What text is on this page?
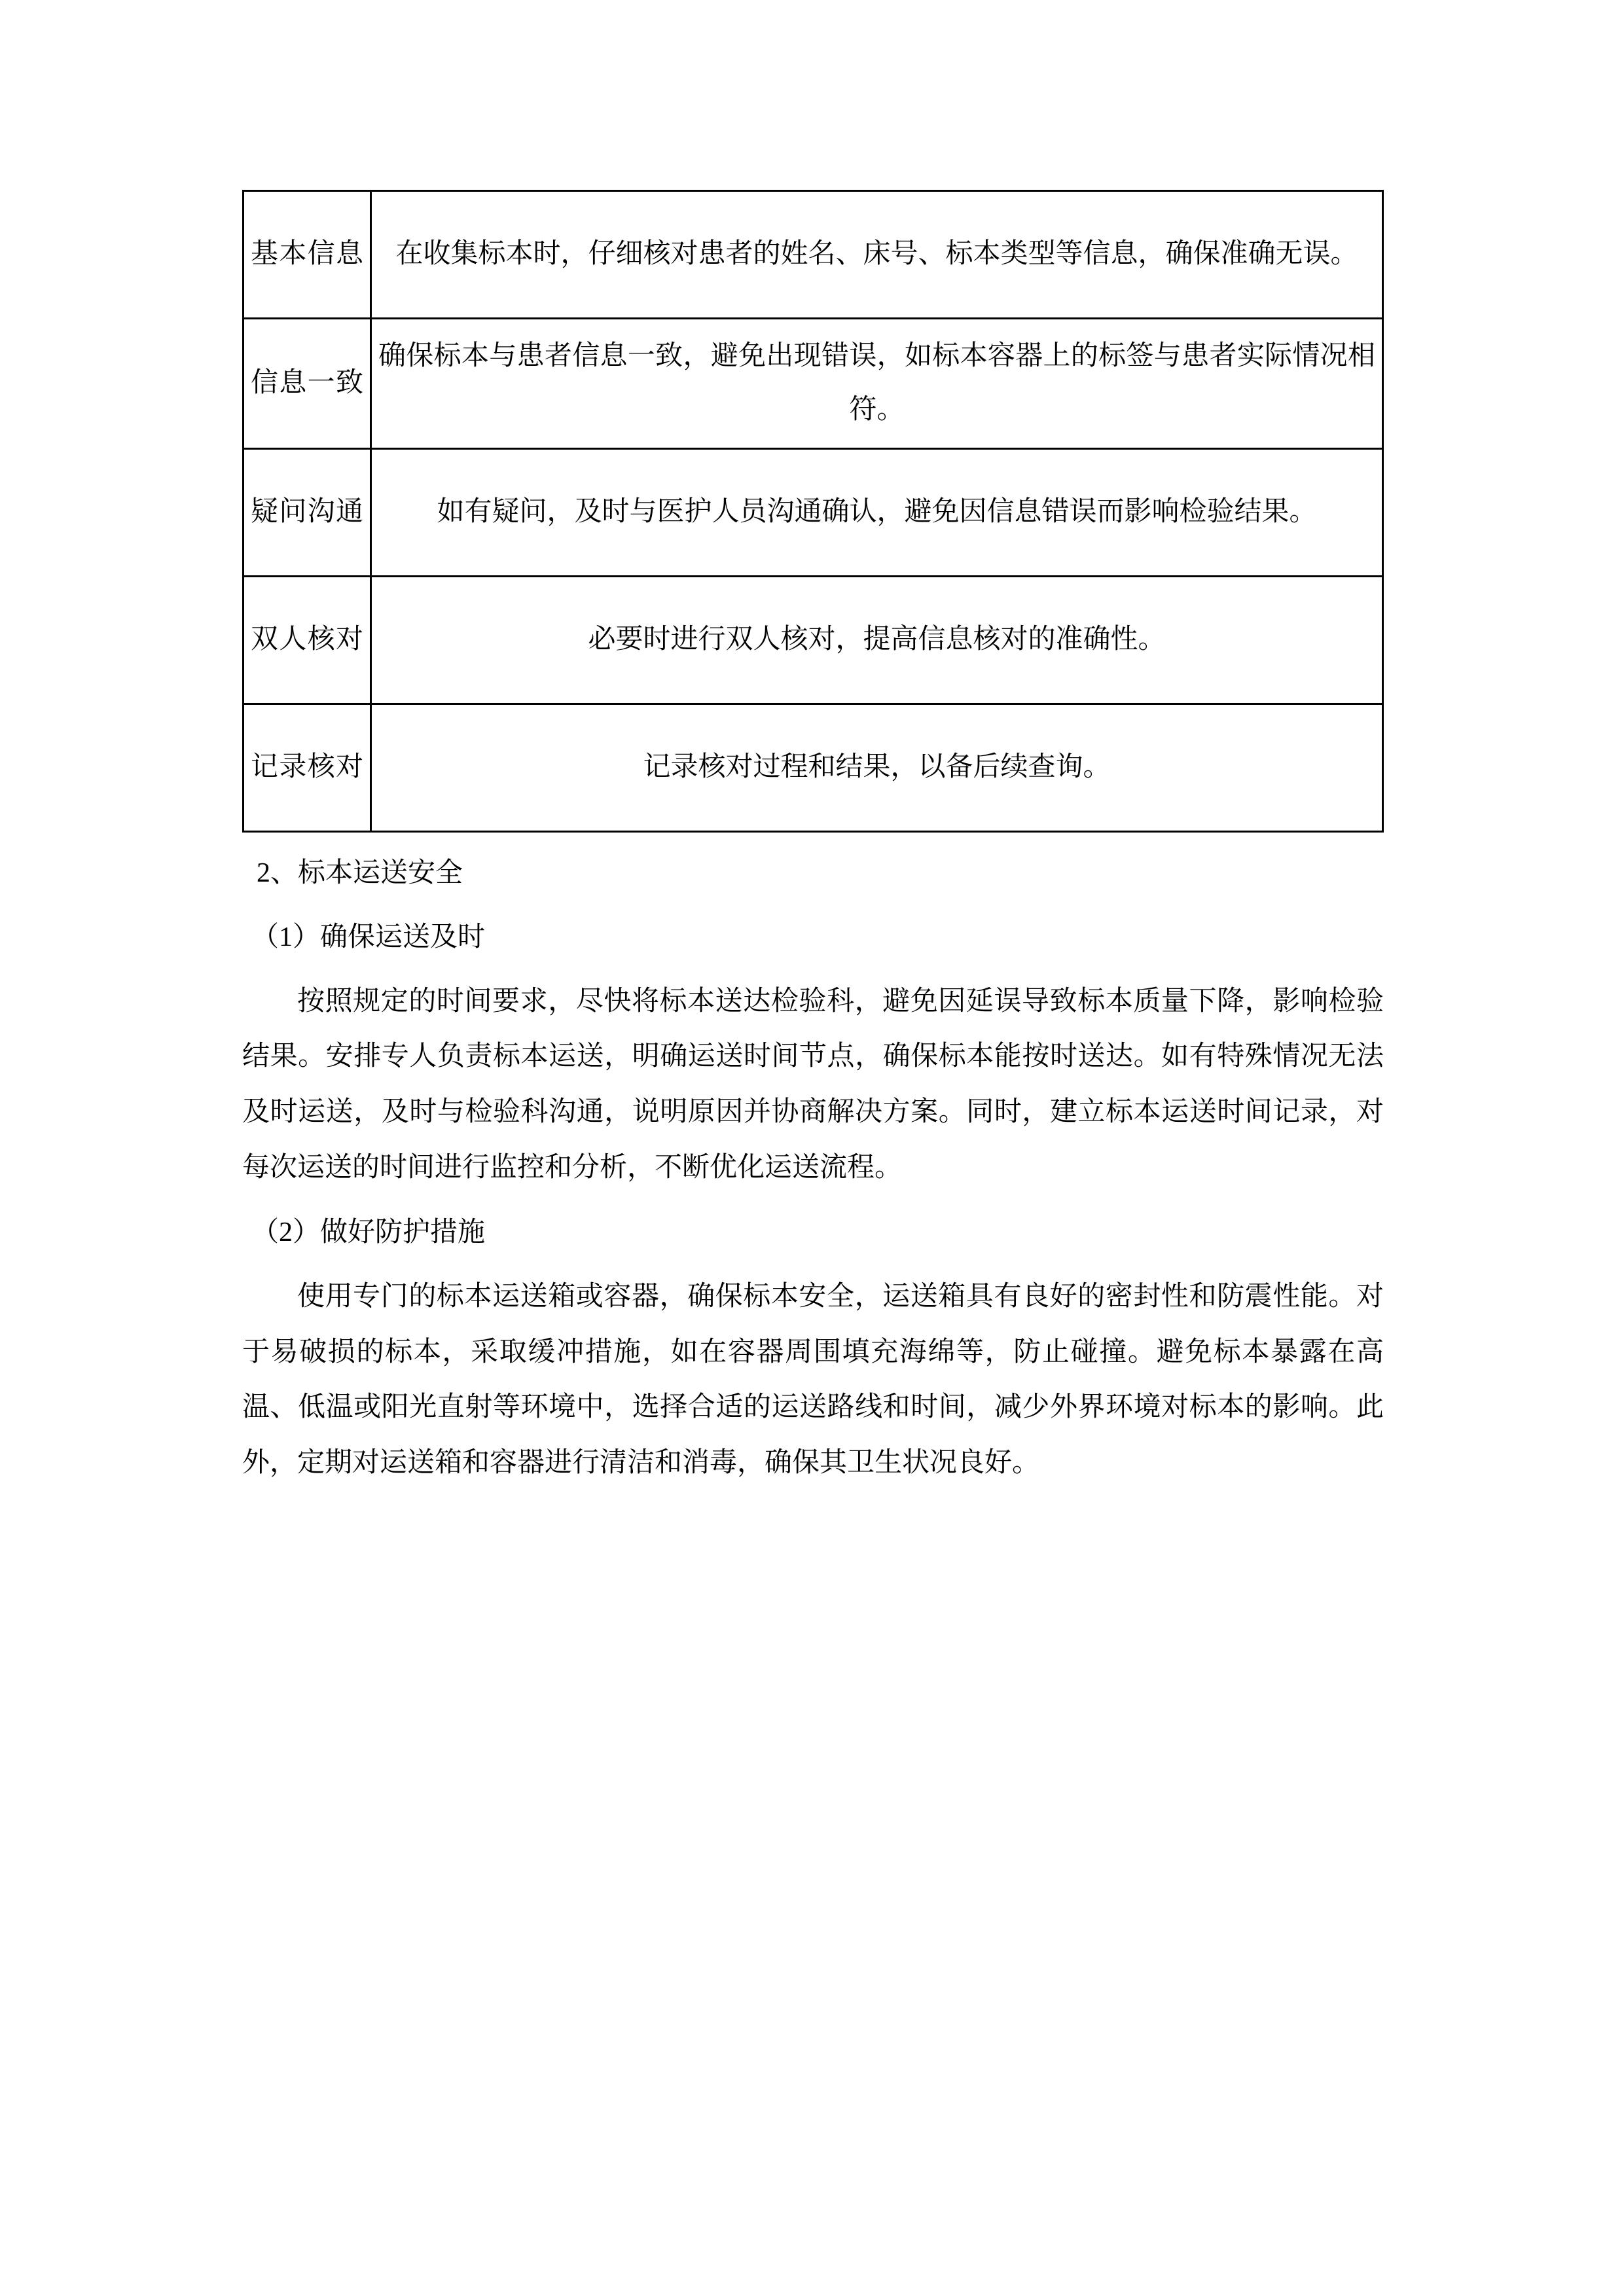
基本信息	在收集标本时，仔细核对患者的姓名、床号、标本类型等信息，确保准确无误。

信息一致	确保标本与患者信息一致，避免出现错误，如标本容器上的标签与患者实际情况相符。

疑问沟通	如有疑问，及时与医护人员沟通确认，避免因信息错误而影响检验结果。

双人核对	必要时进行双人核对，提高信息核对的准确性。

记录核对	记录核对过程和结果，以备后续查询。

2、标本运送安全

（1）确保运送及时

按照规定的时间要求，尽快将标本送达检验科，避免因延误导致标本质量下降，影响检验结果。安排专人负责标本运送，明确运送时间节点，确保标本能按时送达。如有特殊情况无法及时运送，及时与检验科沟通，说明原因并协商解决方案。同时，建立标本运送时间记录，对每次运送的时间进行监控和分析，不断优化运送流程。

（2）做好防护措施

使用专门的标本运送箱或容器，确保标本安全，运送箱具有良好的密封性和防震性能。对于易破损的标本，采取缓冲措施，如在容器周围填充海绵等，防止碰撞。避免标本暴露在高温、低温或阳光直射等环境中，选择合适的运送路线和时间，减少外界环境对标本的影响。此外，定期对运送箱和容器进行清洁和消毒，确保其卫生状况良好。
